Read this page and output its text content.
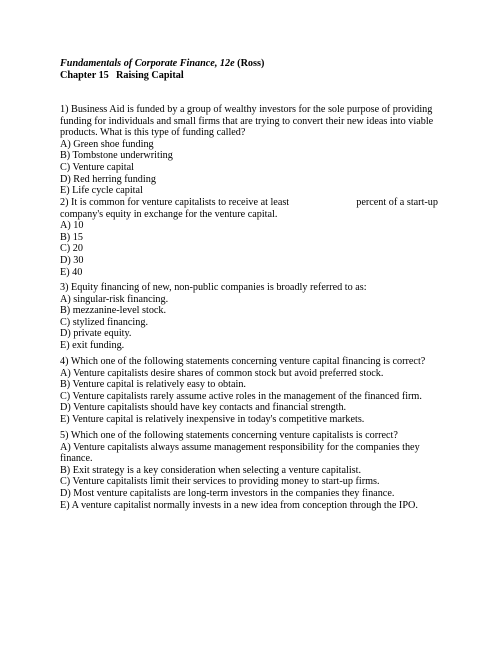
Fundamentals of Corporate Finance, 12e (Ross)
Chapter 15 Raising Capital

1) Business Aid is funded by a group of wealthy investors for the sole purpose of providing funding for individuals and small firms that are trying to convert their new ideas into viable products. What is this type of funding called?

A) Green shoe funding
B) Tombstone underwriting
C) Venture capital
D) Red herring funding
E) Life cycle capital

2) It is common for venture capitalists to receive at least	percent of a start-up company's equity in exchange for the venture capital.

A) 10
B) 15
C) 20
D) 30
E) 40

3) Equity financing of new, non-public companies is broadly referred to as:

A) singular-risk financing.
B) mezzanine-level stock.
C) stylized financing.
D) private equity.
E) exit funding.

4) Which one of the following statements concerning venture capital financing is correct?

A) Venture capitalists desire shares of common stock but avoid preferred stock.
B) Venture capital is relatively easy to obtain.
C) Venture capitalists rarely assume active roles in the management of the financed firm.
D) Venture capitalists should have key contacts and financial strength.
E) Venture capital is relatively inexpensive in today's competitive markets.

5) Which one of the following statements concerning venture capitalists is correct?

A) Venture capitalists always assume management responsibility for the companies they finance.
B) Exit strategy is a key consideration when selecting a venture capitalist.
C) Venture capitalists limit their services to providing money to start-up firms.
D) Most venture capitalists are long-term investors in the companies they finance.
E) A venture capitalist normally invests in a new idea from conception through the IPO.
